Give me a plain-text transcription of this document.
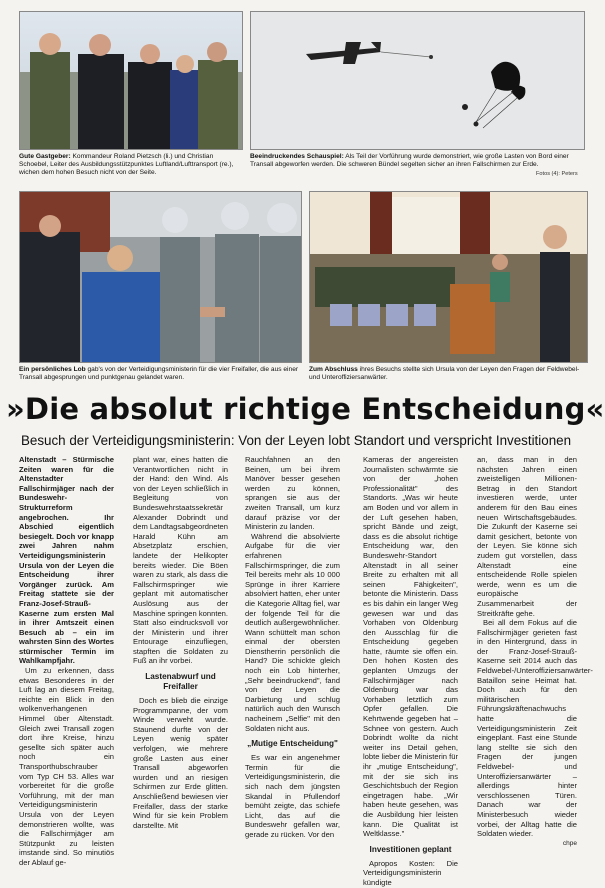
Gute Gastgeber: Kommandeur Roland Pietzsch (li.) und Christian Schoebel, Leiter des Ausbildungsstützpunktes Luftland/Lufttransport (re.), wichen dem hohen Besuch nicht von der Seite.
Beeindruckendes Schauspiel: Als Teil der Vorführung wurde demonstriert, wie große Lasten von Bord einer Transall abgeworfen werden. Die schweren Bündel segelten sicher an ihren Fallschirmen zur Erde.
Fotos (4): Peters
Ein persönliches Lob gab's von der Verteidigungsministerin für die vier Freifaller, die aus einer Transall abgesprungen und punktgenau gelandet waren.
Zum Abschluss ihres Besuchs stellte sich Ursula von der Leyen den Fragen der Feldwebel- und Unteroffiziersanwärter.
»Die absolut richtige Entscheidung«
Besuch der Verteidigungsministerin: Von der Leyen lobt Standort und verspricht Investitionen

Altenstadt – Stürmische Zeiten waren für die Altenstadter Fallschirmjäger nach der Bundeswehr-Strukturreform angebrochen. Ihr Abschied eigentlich besiegelt. Doch vor knapp zwei Jahren nahm Verteidigungsministerin Ursula von der Leyen die Entscheidung ihrer Vorgänger zurück. Am Freitag stattete sie der Franz-Josef-Strauß-Kaserne zum ersten Mal in ihrer Amtszeit einen Besuch ab – ein im wahrsten Sinn des Wortes stürmischer Termin im Wahlkampfjahr.

Um zu erkennen, dass etwas Besonderes in der Luft lag an diesem Freitag, reichte ein Blick in den wolkenverhangenen Himmel über Altenstadt. Gleich zwei Transall zogen dort ihre Kreise, hinzu gesellte sich später auch noch ein Transporthubschrauber vom Typ CH 53. Alles war vorbereitet für die große Vorführung, mit der man Verteidigungsministerin Ursula von der Leyen demonstrieren wollte, was die Fallschirmjäger am Stützpunkt zu leisten imstande sind. So minutiös der Ablauf ge-

plant war, eines hatten die Verantwortlichen nicht in der Hand: den Wind. Als von der Leyen schließlich in Begleitung von Bundeswehrstaatssekretär Alexander Dobrindt und dem Landtagsabgeordneten Harald Kühn am Absetzplatz erschien, landete der Helikopter bereits wieder. Die Böen waren zu stark, als dass die Fallschirmspringer wie geplant mit automatischer Auslösung aus der Maschine springen konnten. Statt also eindrucksvoll vor der Ministerin und ihrer Entourage einzufliegen, stapften die Soldaten zu Fuß an ihr vorbei.

Lastenabwurf und Freifaller

Doch es blieb die einzige Programmpanne, der vom Winde verweht wurde. Staunend durfte von der Leyen wenig später verfolgen, wie mehrere große Lasten aus einer Transall abgeworfen wurden und an riesigen Schirmen zur Erde glitten. Anschließend bewiesen vier Freifaller, dass der starke Wind für sie kein Problem darstellte. Mit

Rauchfahnen an den Beinen, um bei ihrem Manöver besser gesehen werden zu können, sprangen sie aus der zweiten Transall, um kurz darauf präzise vor der Ministerin zu landen.

Während die absolvierte Aufgabe für die vier erfahrenen Fallschirmspringer, die zum Teil bereits mehr als 10 000 Sprünge in ihrer Karriere absolviert hatten, eher unter die Kategorie Alltag fiel, war der folgende Teil für die deutlich außergewöhnlicher. Wann schüttelt man schon einmal der obersten Dienstherrin persönlich die Hand? Die schickte gleich noch ein Lob hinterher, „Sehr beeindruckend", fand von der Leyen die Darbietung und schlug natürlich auch den Wunsch nacheinem „Selfie" mit den Soldaten nicht aus.

„Mutige Entscheidung"

Es war ein angenehmer Termin für die Verteidigungsministerin, die sich nach dem jüngsten Skandal in Pfullendorf bemüht zeigte, das schiefe Licht, das auf die Bundeswehr gefallen war, gerade zu rücken. Vor den

Kameras der angereisten Journalisten schwärmte sie von der „hohen Professionalität" des Standorts. „Was wir heute am Boden und vor allem in der Luft gesehen haben, spricht Bände und zeigt, dass es die absolut richtige Entscheidung war, den Bundeswehr-Standort Altenstadt in all seiner Breite zu erhalten mit all seinen Fähigkeiten", betonte die Ministerin. Dass es bis dahin ein langer Weg gewesen war und das Vorhaben von Oldenburg den Ausschlag für die Entscheidung gegeben hatte, räumte sie offen ein. Den hohen Kosten des geplanten Umzugs der Fallschirmjäger nach Oldenburg war das Vorhaben letztlich zum Opfer gefallen. Die Kehrtwende gegeben hat – Schnee von gestern. Auch Dobrindt wollte da nicht weiter ins Detail gehen, lobte lieber die Ministerin für ihr „mutige Entscheidung", mit der sie sich ins Geschichtsbuch der Region eingetragen habe. „Wir haben heute gesehen, was die Ausbildung hier leisten kann. Die Qualität ist Weltklasse."

Investitionen geplant

Apropos Kosten: Die Verteidigungsministerin kündigte

an, dass man in den nächsten Jahren einen zweistelligen Millionen-Betrag in den Standort investieren werde, unter anderem für den Bau eines neuen Wirtschaftsgebäudes. Die Zukunft der Kaserne sei damit gesichert, betonte von der Leyen. Sie könne sich zudem gut vorstellen, dass Altenstadt eine entscheidende Rolle spielen werde, wenn es um die europäische Zusammenarbeit der Streitkräfte gehe.

Bei all dem Fokus auf die Fallschirmjäger gerieten fast in den Hintergrund, dass in der Franz-Josef-Strauß-Kaserne seit 2014 auch das Feldwebel-/Unteroffiziersanwärter-Bataillon seine Heimat hat. Doch auch für den militärischen Führungskräftenachwuchs hatte die Verteidigungsministerin Zeit eingeplant. Fast eine Stunde lang stellte sie sich den Fragen der jungen Feldwebel- und Unteroffiziersanwärter – allerdings hinter verschlossenen Türen. Danach war der Ministerbesuch wieder vorbei, der Alltag hatte die Soldaten wieder.

chpe
